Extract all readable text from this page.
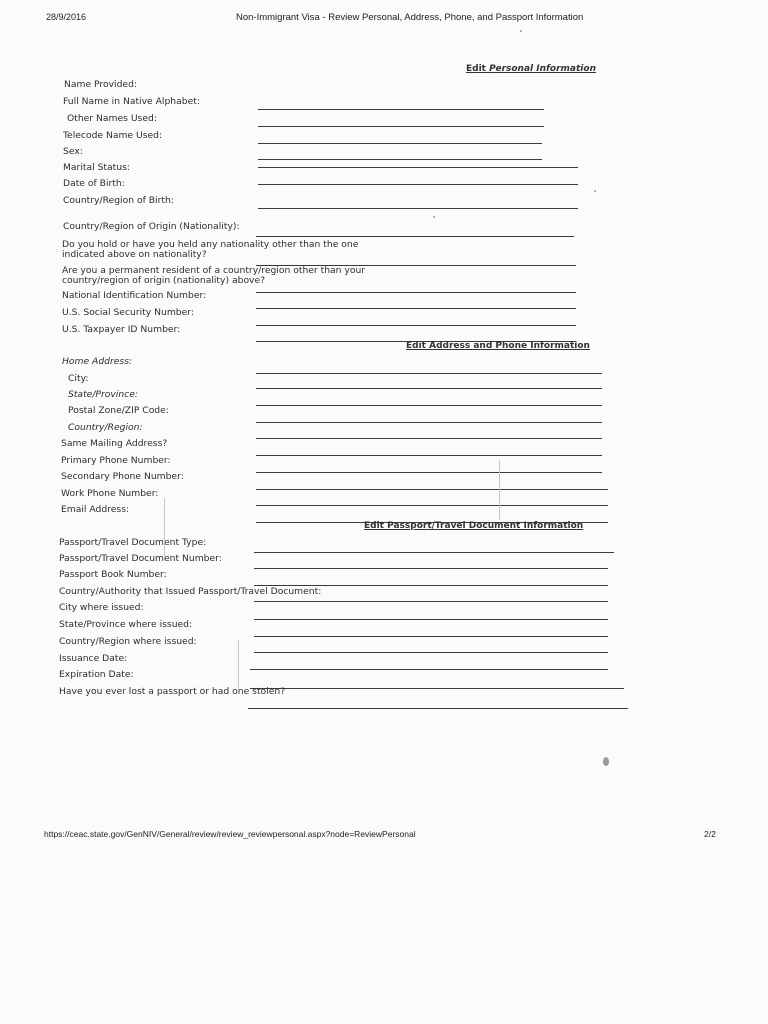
28/9/2016	Non-Immigrant Visa - Review Personal, Address, Phone, and Passport Information
Edit Personal Information
Name Provided:
Full Name in Native Alphabet:
Other Names Used:
Telecode Name Used:
Sex:
Marital Status:
Date of Birth:
Country/Region of Birth:
Country/Region of Origin (Nationality):
Do you hold or have you held any nationality other than the one indicated above on nationality?
Are you a permanent resident of a country/region other than your country/region of origin (nationality) above?
National Identification Number:
U.S. Social Security Number:
U.S. Taxpayer ID Number:
Edit Address and Phone Information
Home Address:
City:
State/Province:
Postal Zone/ZIP Code:
Country/Region:
Same Mailing Address?
Primary Phone Number:
Secondary Phone Number:
Work Phone Number:
Email Address:
Edit Passport/Travel Document Information
Passport/Travel Document Type:
Passport/Travel Document Number:
Passport Book Number:
Country/Authority that Issued Passport/Travel Document:
City where issued:
State/Province where issued:
Country/Region where issued:
Issuance Date:
Expiration Date:
Have you ever lost a passport or had one stolen?
https://ceac.state.gov/GenNIV/General/review/review_reviewpersonal.aspx?node=ReviewPersonal	2/2
